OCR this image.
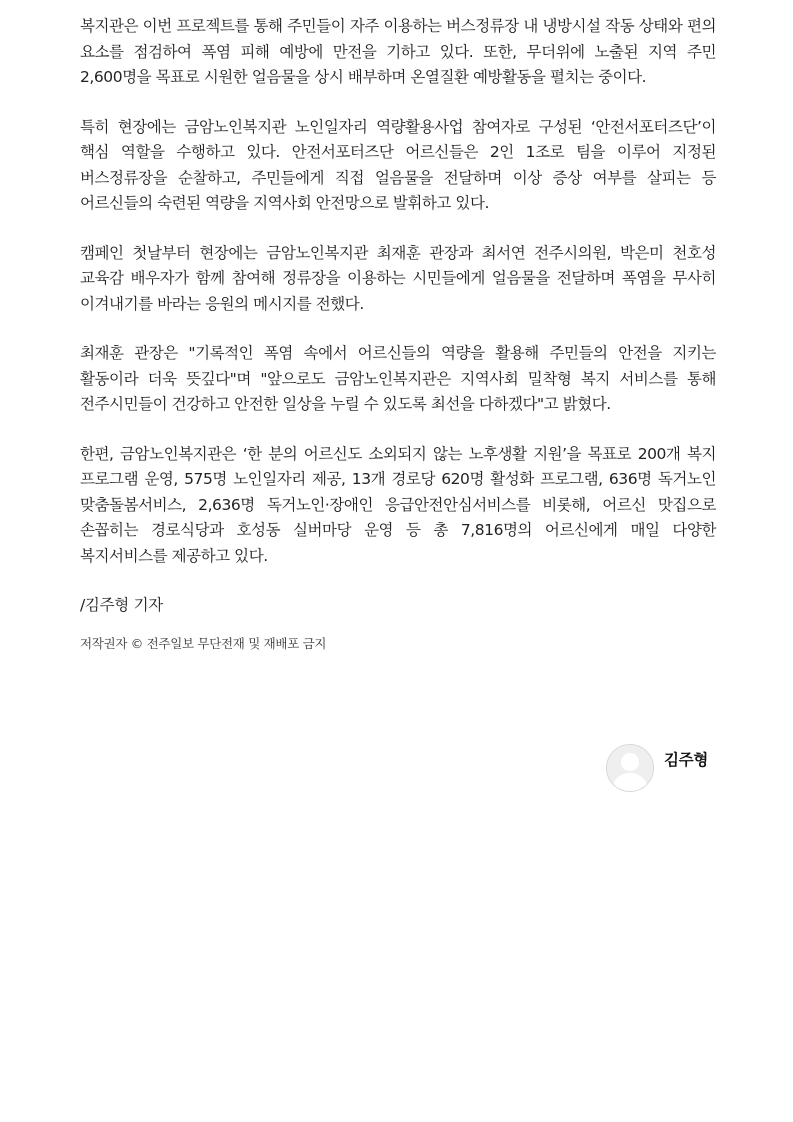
복지관은 이번 프로젝트를 통해 주민들이 자주 이용하는 버스정류장 내 냉방시설 작동 상태와 편의 요소를 점검하여 폭염 피해 예방에 만전을 기하고 있다. 또한, 무더위에 노출된 지역 주민 2,600명을 목표로 시원한 얼음물을 상시 배부하며 온열질환 예방활동을 펼치는 중이다.

특히 현장에는 금암노인복지관 노인일자리 역량활용사업 참여자로 구성된 ‘안전서포터즈단’이 핵심 역할을 수행하고 있다. 안전서포터즈단 어르신들은 2인 1조로 팀을 이루어 지정된 버스정류장을 순찰하고, 주민들에게 직접 얼음물을 전달하며 이상 증상 여부를 살피는 등 어르신들의 숙련된 역량을 지역사회 안전망으로 발휘하고 있다.

캠페인 첫날부터 현장에는 금암노인복지관 최재훈 관장과 최서연 전주시의원, 박은미 천호성 교육감 배우자가 함께 참여해 정류장을 이용하는 시민들에게 얼음물을 전달하며 폭염을 무사히 이겨내기를 바라는 응원의 메시지를 전했다.

최재훈 관장은 "기록적인 폭염 속에서 어르신들의 역량을 활용해 주민들의 안전을 지키는 활동이라 더욱 뜻깊다"며 "앞으로도 금암노인복지관은 지역사회 밀착형 복지 서비스를 통해 전주시민들이 건강하고 안전한 일상을 누릴 수 있도록 최선을 다하겠다"고 밝혔다.

한편, 금암노인복지관은 ‘한 분의 어르신도 소외되지 않는 노후생활 지원’을 목표로 200개 복지 프로그램 운영, 575명 노인일자리 제공, 13개 경로당 620명 활성화 프로그램, 636명 독거노인 맞춤돌봄서비스, 2,636명 독거노인·장애인 응급안전안심서비스를 비롯해, 어르신 맛집으로 손꼽히는 경로식당과 호성동 실버마당 운영 등 총 7,816명의 어르신에게 매일 다양한 복지서비스를 제공하고 있다.

/김주형 기자

저작권자 © 전주일보 무단전재 및 재배포 금지

김주형
